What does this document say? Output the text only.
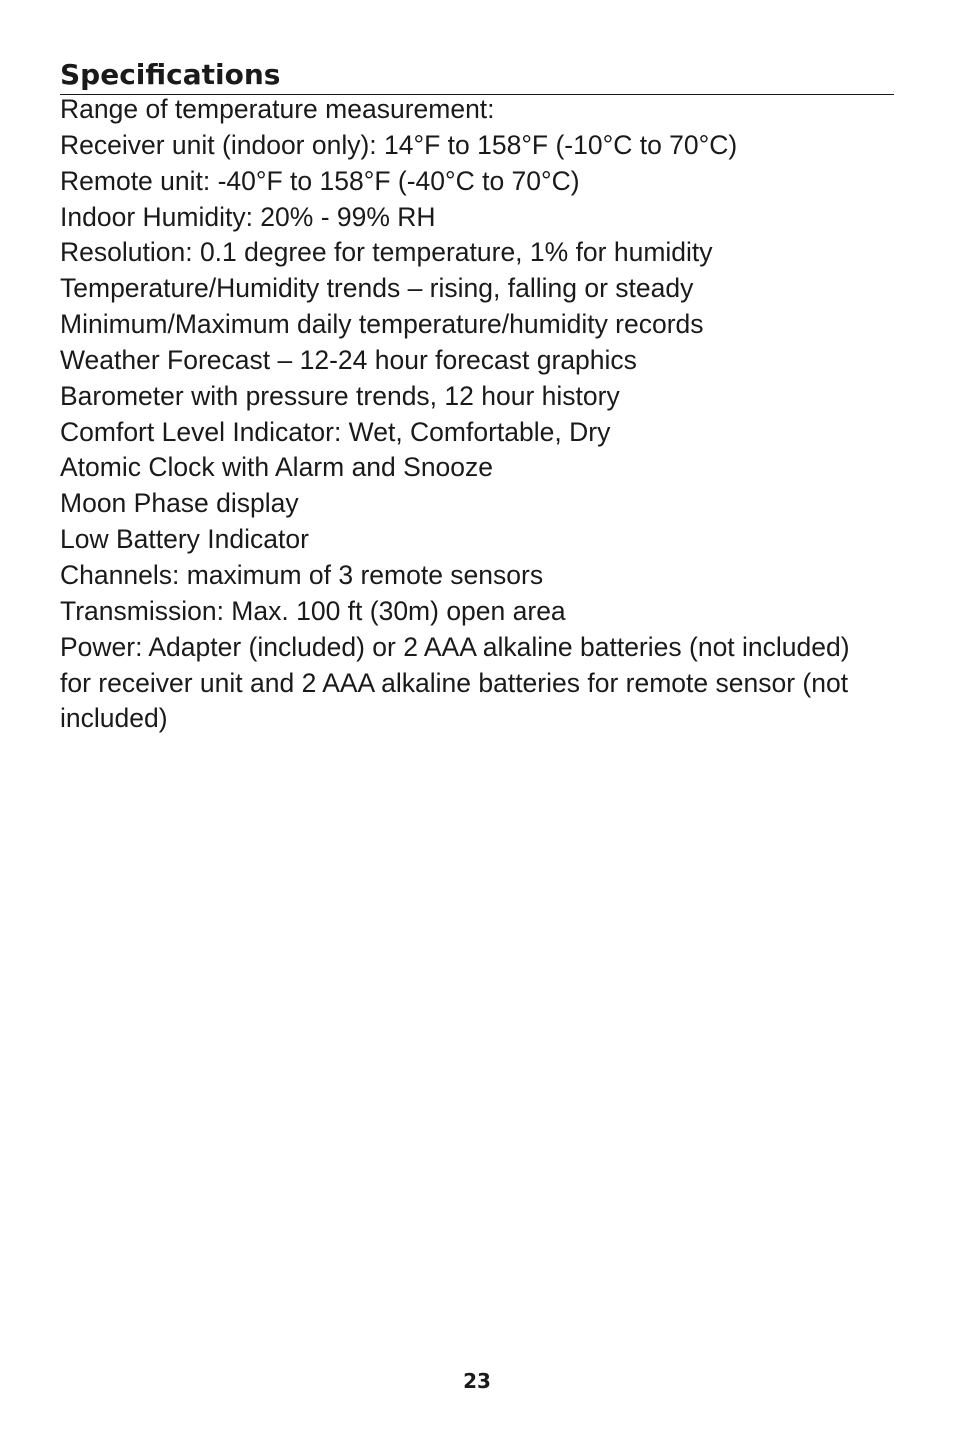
Specifications
Range of temperature measurement:
Receiver unit (indoor only): 14°F to 158°F (-10°C to 70°C)
Remote unit: -40°F to 158°F (-40°C to 70°C)
Indoor Humidity: 20% - 99% RH
Resolution: 0.1 degree for temperature, 1% for humidity
Temperature/Humidity trends – rising, falling or steady
Minimum/Maximum daily temperature/humidity records
Weather Forecast – 12-24 hour forecast graphics
Barometer with pressure trends, 12 hour history
Comfort Level Indicator: Wet, Comfortable, Dry
Atomic Clock with Alarm and Snooze
Moon Phase display
Low Battery Indicator
Channels: maximum of 3 remote sensors
Transmission: Max. 100 ft (30m) open area
Power: Adapter (included) or 2 AAA alkaline batteries (not included) for receiver unit and 2 AAA alkaline batteries for remote sensor (not included)
23
